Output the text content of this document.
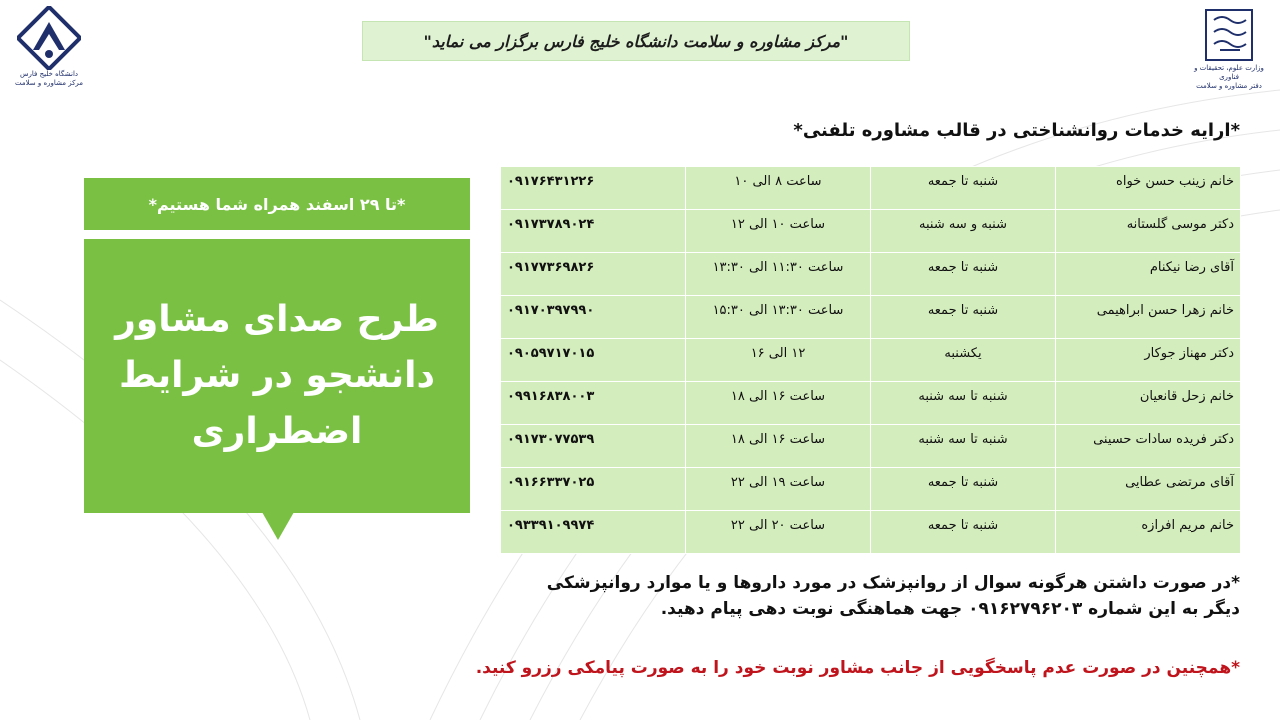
دانشگاه خلیج فارس
مرکز مشاوره و سلامت
وزارت علوم، تحقیقات و فناوری
دفتر مشاوره و سلامت
"مرکز مشاوره و سلامت دانشگاه خلیج فارس برگزار می نماید"
*ارایه خدمات روانشناختی در قالب مشاوره تلفنی*
*تا ۲۹ اسفند همراه شما هستیم*
طرح صدای مشاور دانشجو در شرایط اضطراری
خانم زینب حسن خواه	شنبه تا جمعه	ساعت ۸ الی ۱۰	۰۹۱۷۶۴۳۱۲۲۶
دکتر موسی گلستانه	شنبه و سه شنبه	ساعت ۱۰ الی ۱۲	۰۹۱۷۳۷۸۹۰۲۴
آقای رضا نیکنام	شنبه تا جمعه	ساعت ۱۱:۳۰ الی ۱۳:۳۰	۰۹۱۷۷۳۶۹۸۲۶
خانم زهرا حسن ابراهیمی	شنبه تا جمعه	ساعت ۱۳:۳۰ الی ۱۵:۳۰	۰۹۱۷۰۳۹۷۹۹۰
دکتر مهناز جوکار	یکشنبه	۱۲ الی ۱۶	۰۹۰۵۹۷۱۷۰۱۵
خانم زحل قانعیان	شنبه تا سه شنبه	ساعت ۱۶ الی ۱۸	۰۹۹۱۶۸۳۸۰۰۳
دکتر فریده سادات حسینی	شنبه تا سه شنبه	ساعت ۱۶ الی ۱۸	۰۹۱۷۳۰۷۷۵۳۹
آقای مرتضی عطایی	شنبه تا جمعه	ساعت ۱۹ الی ۲۲	۰۹۱۶۶۳۳۷۰۲۵
خانم مریم افرازه	شنبه تا جمعه	ساعت ۲۰ الی ۲۲	۰۹۳۳۹۱۰۹۹۷۴
*در صورت داشتن هرگونه سوال از روانپزشک در مورد داروها و یا موارد روانپزشکی دیگر به این شماره ۰۹۱۶۲۷۹۶۲۰۳ جهت هماهنگی نوبت دهی پیام دهید.
*همچنین در صورت عدم پاسخگویی از جانب مشاور نوبت خود را به صورت پیامکی رزرو کنید.
